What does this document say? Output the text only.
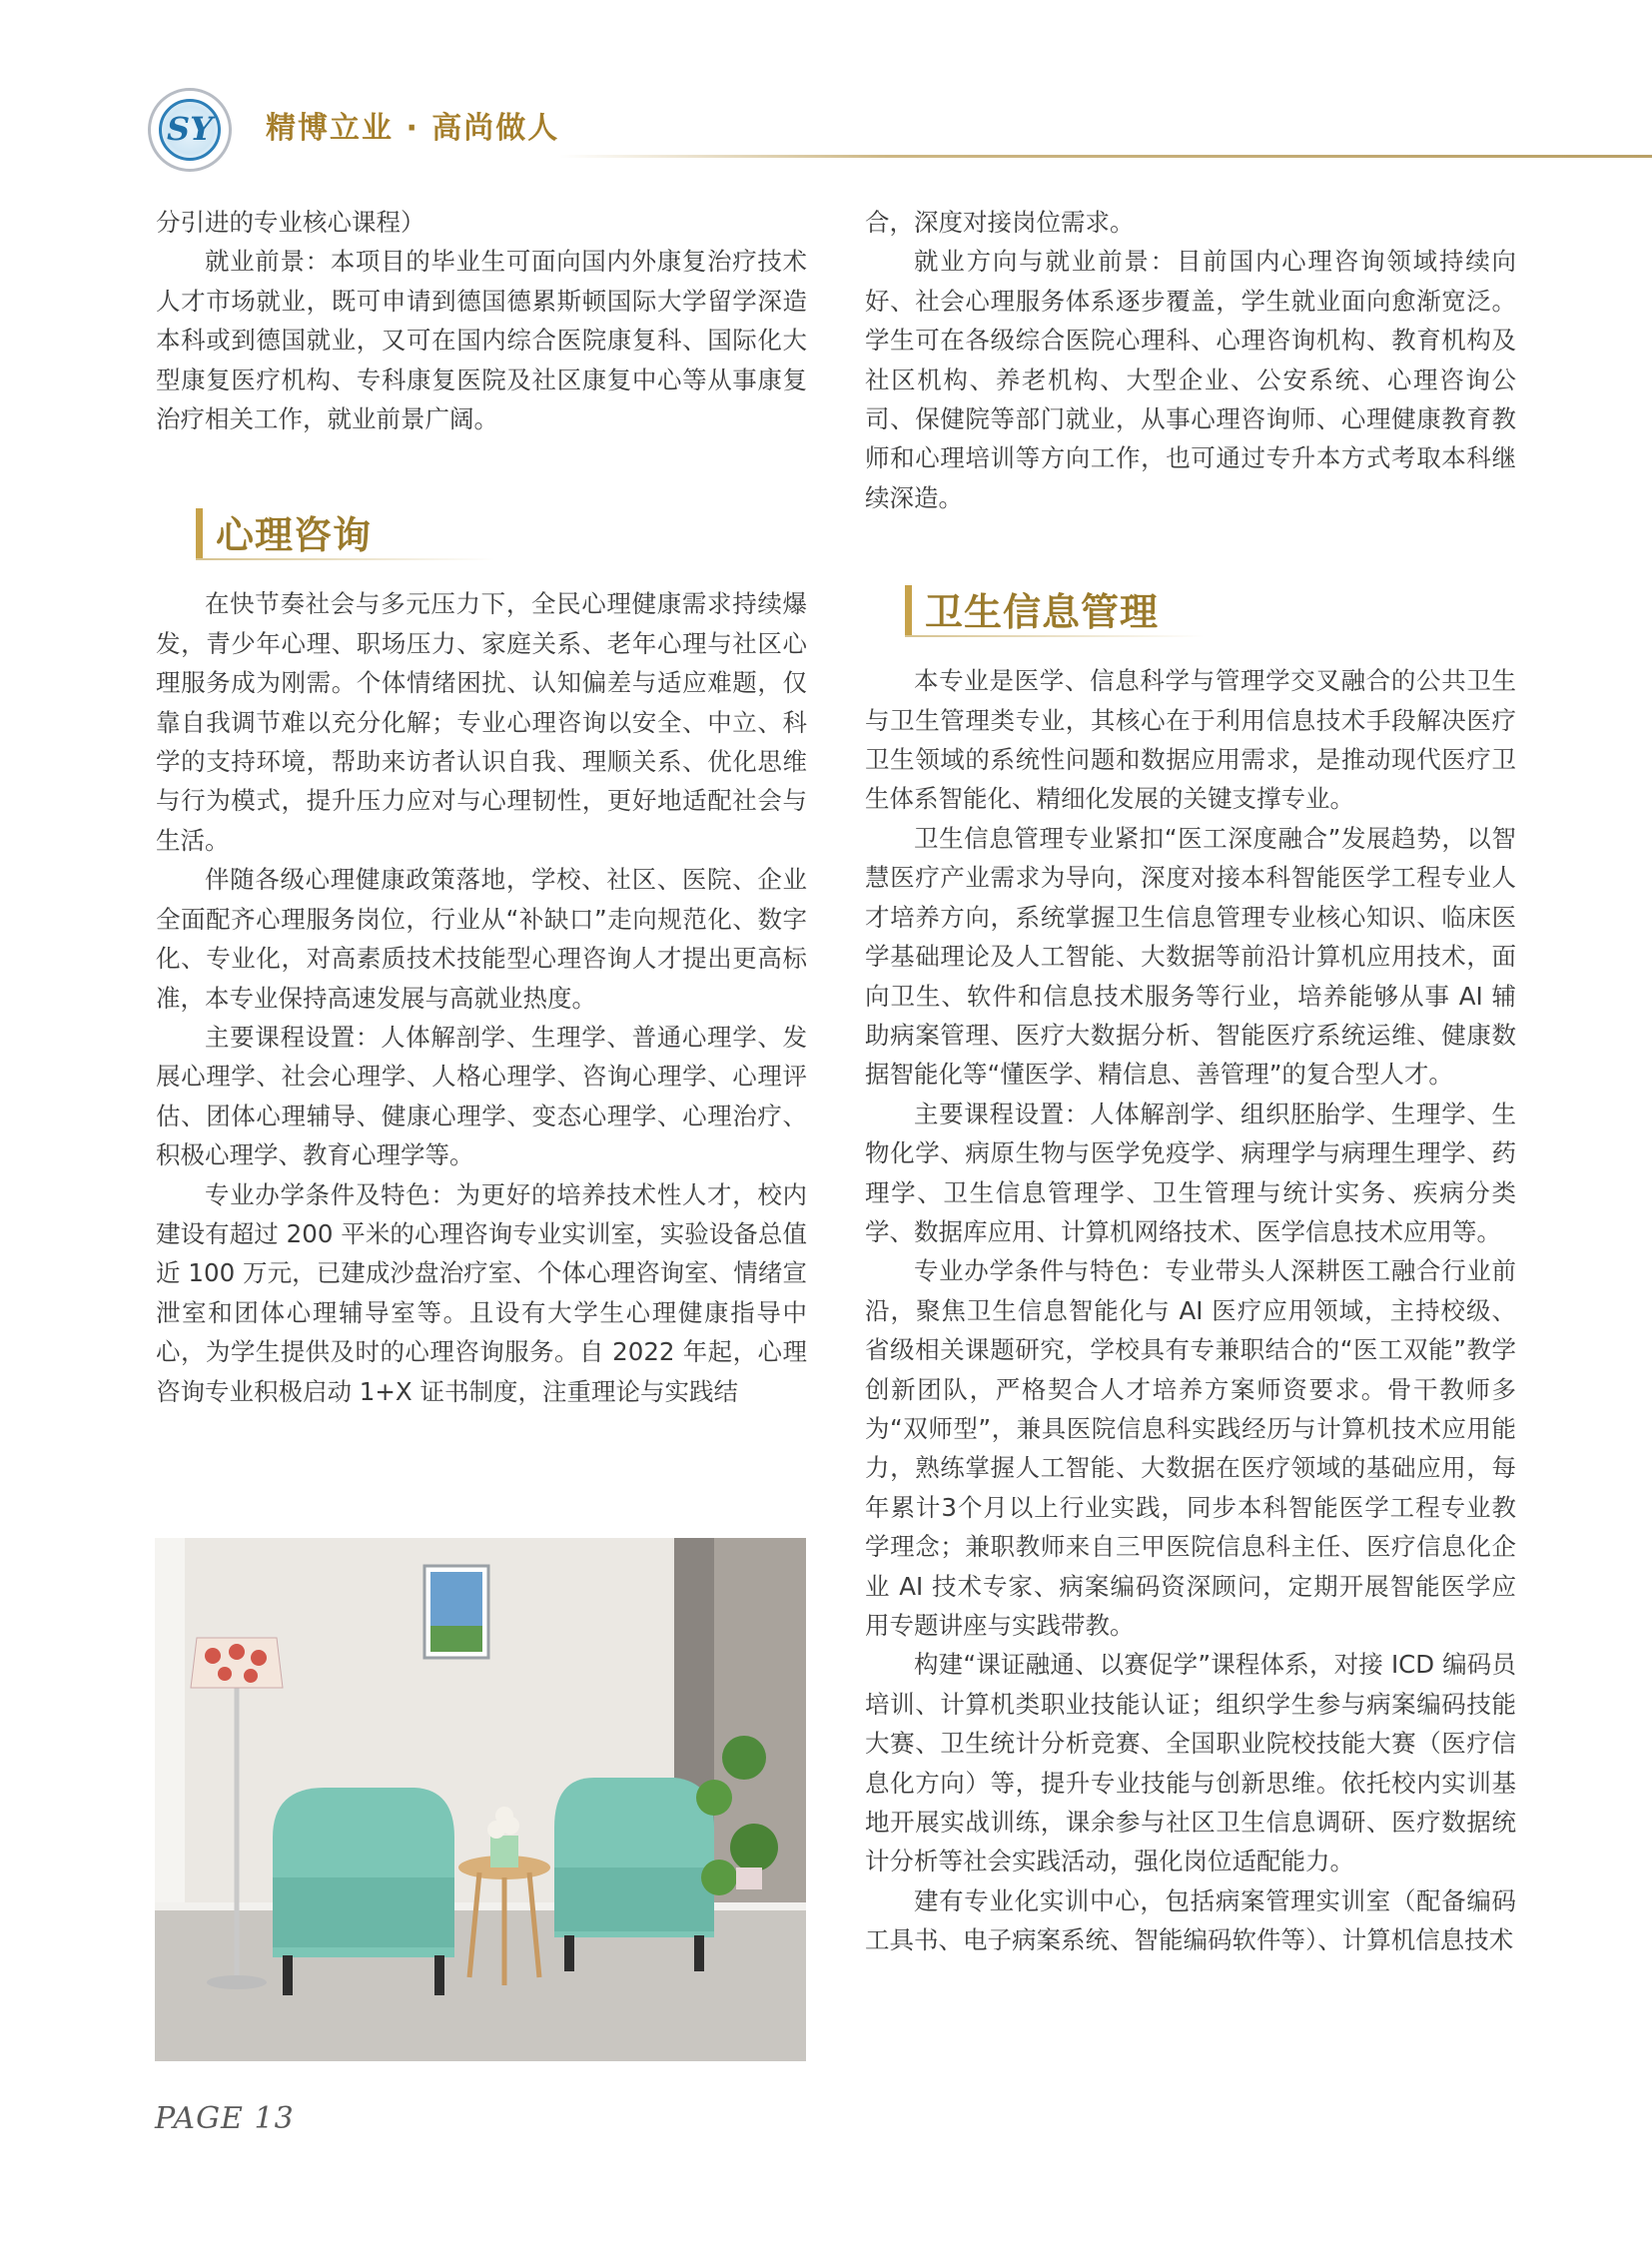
SY 精博立业 · 高尚做人

分引进的专业核心课程）

就业前景：本项目的毕业生可面向国内外康复治疗技术人才市场就业，既可申请到德国德累斯顿国际大学留学深造本科或到德国就业，又可在国内综合医院康复科、国际化大型康复医疗机构、专科康复医院及社区康复中心等从事康复治疗相关工作，就业前景广阔。

心理咨询

在快节奏社会与多元压力下，全民心理健康需求持续爆发，青少年心理、职场压力、家庭关系、老年心理与社区心理服务成为刚需。个体情绪困扰、认知偏差与适应难题，仅靠自我调节难以充分化解；专业心理咨询以安全、中立、科学的支持环境，帮助来访者认识自我、理顺关系、优化思维与行为模式，提升压力应对与心理韧性，更好地适配社会与生活。

伴随各级心理健康政策落地，学校、社区、医院、企业全面配齐心理服务岗位，行业从“补缺口”走向规范化、数字化、专业化，对高素质技术技能型心理咨询人才提出更高标准，本专业保持高速发展与高就业热度。

主要课程设置：人体解剖学、生理学、普通心理学、发展心理学、社会心理学、人格心理学、咨询心理学、心理评估、团体心理辅导、健康心理学、变态心理学、心理治疗、积极心理学、教育心理学等。

专业办学条件及特色：为更好的培养技术性人才，校内建设有超过 200 平米的心理咨询专业实训室，实验设备总值近 100 万元，已建成沙盘治疗室、个体心理咨询室、情绪宣泄室和团体心理辅导室等。且设有大学生心理健康指导中心，为学生提供及时的心理咨询服务。自 2022 年起，心理咨询专业积极启动 1+X 证书制度，注重理论与实践结

合，深度对接岗位需求。

就业方向与就业前景：目前国内心理咨询领域持续向好、社会心理服务体系逐步覆盖，学生就业面向愈渐宽泛。学生可在各级综合医院心理科、心理咨询机构、教育机构及社区机构、养老机构、大型企业、公安系统、心理咨询公司、保健院等部门就业，从事心理咨询师、心理健康教育教师和心理培训等方向工作，也可通过专升本方式考取本科继续深造。

卫生信息管理

本专业是医学、信息科学与管理学交叉融合的公共卫生与卫生管理类专业，其核心在于利用信息技术手段解决医疗卫生领域的系统性问题和数据应用需求，是推动现代医疗卫生体系智能化、精细化发展的关键支撑专业。

卫生信息管理专业紧扣“医工深度融合”发展趋势，以智慧医疗产业需求为导向，深度对接本科智能医学工程专业人才培养方向，系统掌握卫生信息管理专业核心知识、临床医学基础理论及人工智能、大数据等前沿计算机应用技术，面向卫生、软件和信息技术服务等行业，培养能够从事 AI 辅助病案管理、医疗大数据分析、智能医疗系统运维、健康数据智能化等“懂医学、精信息、善管理”的复合型人才。

主要课程设置：人体解剖学、组织胚胎学、生理学、生物化学、病原生物与医学免疫学、病理学与病理生理学、药理学、卫生信息管理学、卫生管理与统计实务、疾病分类学、数据库应用、计算机网络技术、医学信息技术应用等。

专业办学条件与特色：专业带头人深耕医工融合行业前沿，聚焦卫生信息智能化与 AI 医疗应用领域，主持校级、省级相关课题研究，学校具有专兼职结合的“医工双能”教学创新团队，严格契合人才培养方案师资要求。骨干教师多为“双师型”，兼具医院信息科实践经历与计算机技术应用能力，熟练掌握人工智能、大数据在医疗领域的基础应用，每年累计3个月以上行业实践，同步本科智能医学工程专业教学理念；兼职教师来自三甲医院信息科主任、医疗信息化企业 AI 技术专家、病案编码资深顾问，定期开展智能医学应用专题讲座与实践带教。

构建“课证融通、以赛促学”课程体系，对接 ICD 编码员培训、计算机类职业技能认证；组织学生参与病案编码技能大赛、卫生统计分析竞赛、全国职业院校技能大赛（医疗信息化方向）等，提升专业技能与创新思维。依托校内实训基地开展实战训练，课余参与社区卫生信息调研、医疗数据统计分析等社会实践活动，强化岗位适配能力。

建有专业化实训中心，包括病案管理实训室（配备编码工具书、电子病案系统、智能编码软件等）、计算机信息技术

PAGE 13
